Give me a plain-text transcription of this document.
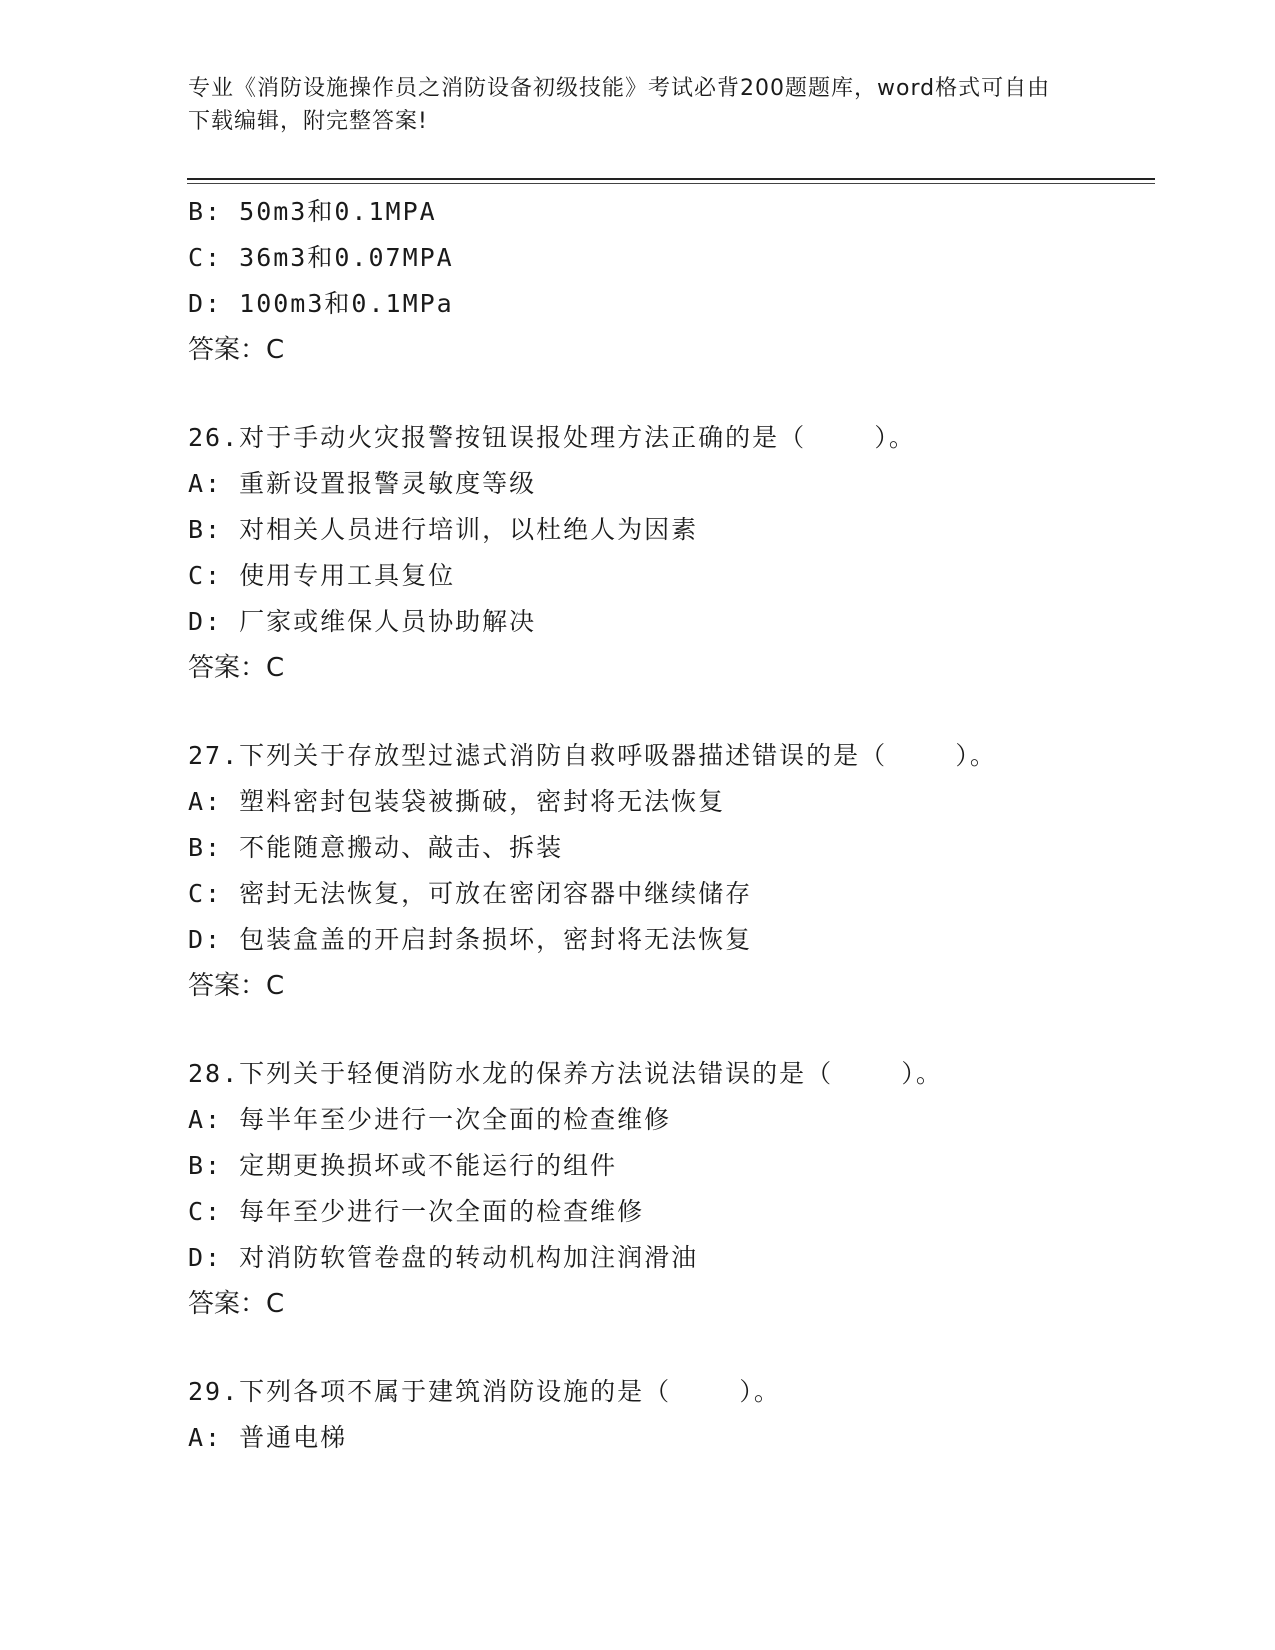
专业《消防设施操作员之消防设备初级技能》考试必背200题题库，word格式可自由下载编辑，附完整答案!
B: 50m3和0.1MPA
C: 36m3和0.07MPA
D: 100m3和0.1MPa
答案：C
26.对于手动火灾报警按钮误报处理方法正确的是（    ）。
A: 重新设置报警灵敏度等级
B: 对相关人员进行培训，以杜绝人为因素
C: 使用专用工具复位
D: 厂家或维保人员协助解决
答案：C
27.下列关于存放型过滤式消防自救呼吸器描述错误的是（    ）。
A: 塑料密封包装袋被撕破，密封将无法恢复
B: 不能随意搬动、敲击、拆装
C: 密封无法恢复，可放在密闭容器中继续储存
D: 包装盒盖的开启封条损坏，密封将无法恢复
答案：C
28.下列关于轻便消防水龙的保养方法说法错误的是（    ）。
A: 每半年至少进行一次全面的检查维修
B: 定期更换损坏或不能运行的组件
C: 每年至少进行一次全面的检查维修
D: 对消防软管卷盘的转动机构加注润滑油
答案：C
29.下列各项不属于建筑消防设施的是（    ）。
A: 普通电梯
